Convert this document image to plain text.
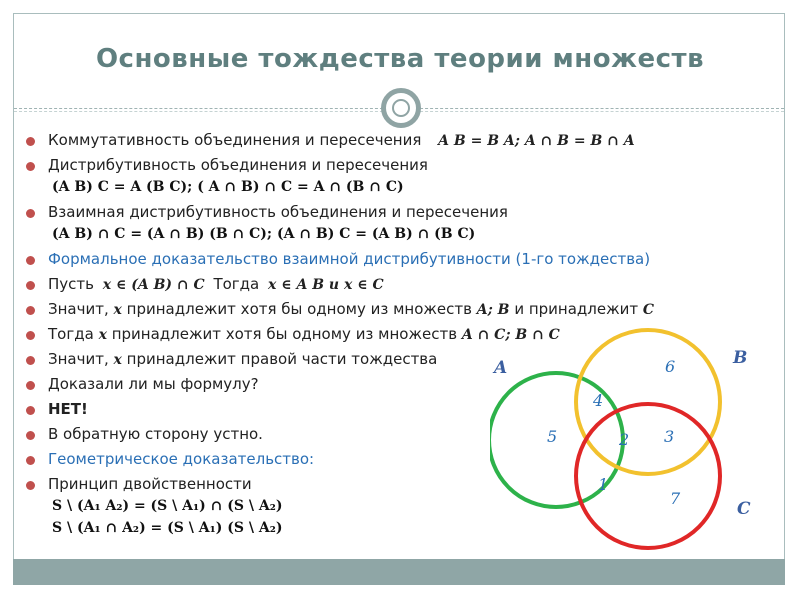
Основные тождества теории множеств
Коммутативность объединения и пересечения A B = B A; A ∩ B = B ∩ A
Дистрибутивность объединения и пересечения
(A B) C = A (B C); ( A ∩ B) ∩ C = A ∩ (B ∩ C)
Взаимная дистрибутивность объединения и пересечения
(A B) ∩ C = (A ∩ B) (B ∩ C); (A ∩ B) C = (A B) ∩ (B C)
Формальное доказательство взаимной дистрибутивности (1-го тождества)
Пусть x ∈ (A B) ∩ C Тогда x ∈ A B и x ∈ C
Значит, x принадлежит хотя бы одному из множеств A; B и принадлежит C
Тогда x принадлежит хотя бы одному из множеств A ∩ C; B ∩ C
Значит, x принадлежит правой части тождества
Доказали ли мы формулу?
НЕТ!
В обратную сторону устно.
Геометрическое доказательство:
Принцип двойственности
S \ (A₁ A₂) = (S \ A₁) ∩ (S \ A₂)
S \ (A₁ ∩ A₂) = (S \ A₁) (S \ A₂)
A	B
C
1
2 3
4
5
6
7
